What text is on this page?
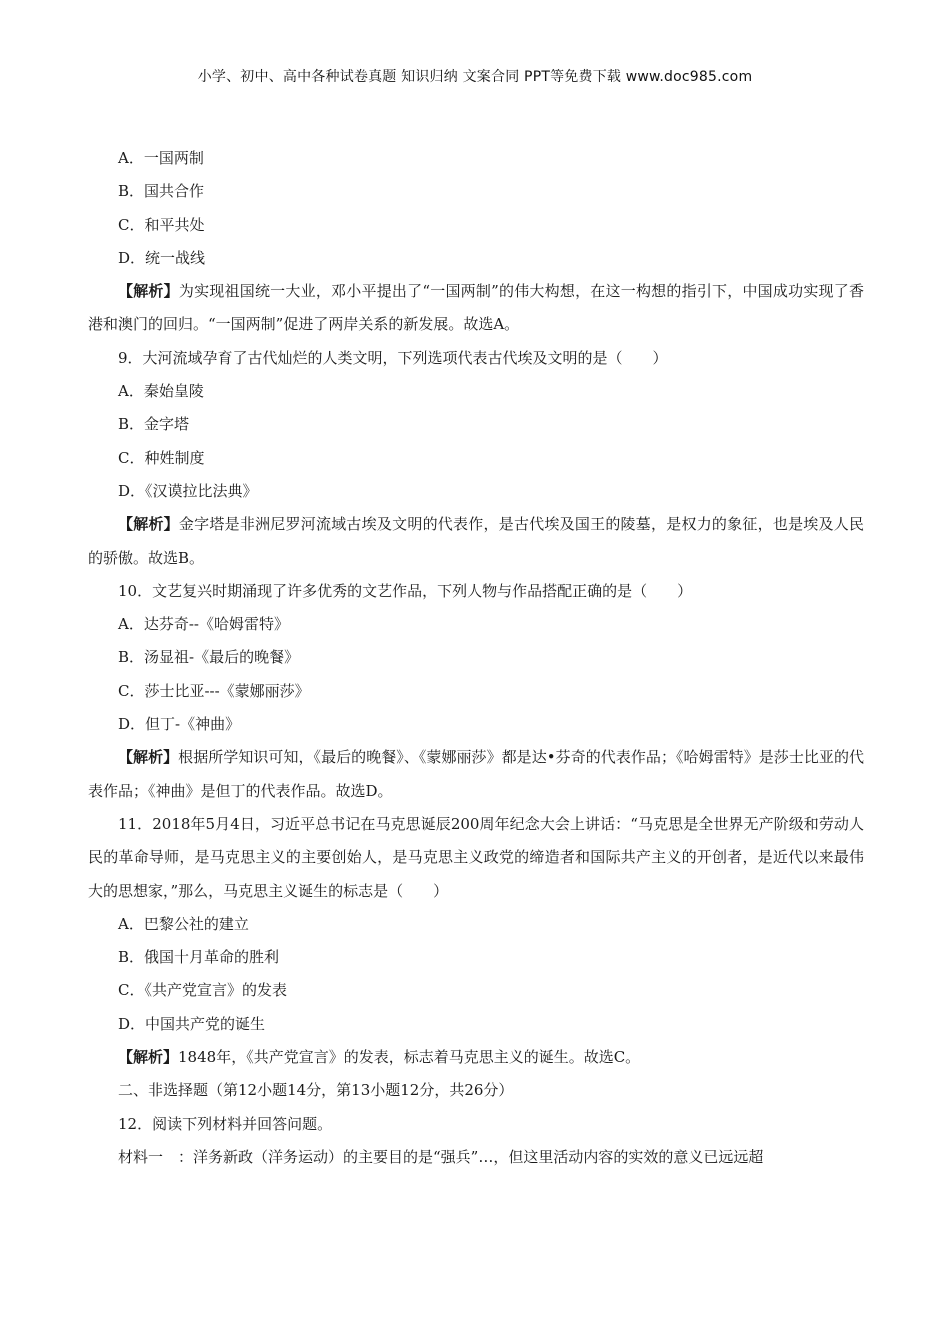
小学、初中、高中各种试卷真题 知识归纳 文案合同 PPT等免费下载 www.doc985.com
A．一国两制
B．国共合作
C．和平共处
D．统一战线
【解析】为实现祖国统一大业，邓小平提出了“一国两制”的伟大构想，在这一构想的指引下，中国成功实现了香港和澳门的回归。“一国两制”促进了两岸关系的新发展。故选A。
9．大河流域孕育了古代灿烂的人类文明，下列选项代表古代埃及文明的是（　　）
A．秦始皇陵
B．金字塔
C．种姓制度
D．《汉谟拉比法典》
【解析】金字塔是非洲尼罗河流域古埃及文明的代表作，是古代埃及国王的陵墓，是权力的象征，也是埃及人民的骄傲。故选B。
10．文艺复兴时期涌现了许多优秀的文艺作品，下列人物与作品搭配正确的是（　　）
A．达芬奇--《哈姆雷特》
B．汤显祖-《最后的晚餐》
C．莎士比亚---《蒙娜丽莎》
D．但丁-《神曲》
【解析】根据所学知识可知，《最后的晚餐》、《蒙娜丽莎》都是达•芬奇的代表作品；《哈姆雷特》是莎士比亚的代表作品；《神曲》是但丁的代表作品。故选D。
11．2018年5月4日，习近平总书记在马克思诞辰200周年纪念大会上讲话：“马克思是全世界无产阶级和劳动人民的革命导师，是马克思主义的主要创始人，是马克思主义政党的缔造者和国际共产主义的开创者，是近代以来最伟大的思想家，”那么，马克思主义诞生的标志是（　　）
A．巴黎公社的建立
B．俄国十月革命的胜利
C．《共产党宣言》的发表
D．中国共产党的诞生
【解析】1848年，《共产党宣言》的发表，标志着马克思主义的诞生。故选C。
二、非选择题（第12小题14分，第13小题12分，共26分）
12．阅读下列材料并回答问题。
材料一　：洋务新政（洋务运动）的主要目的是“强兵”…，但这里活动内容的实效的意义已远远超
